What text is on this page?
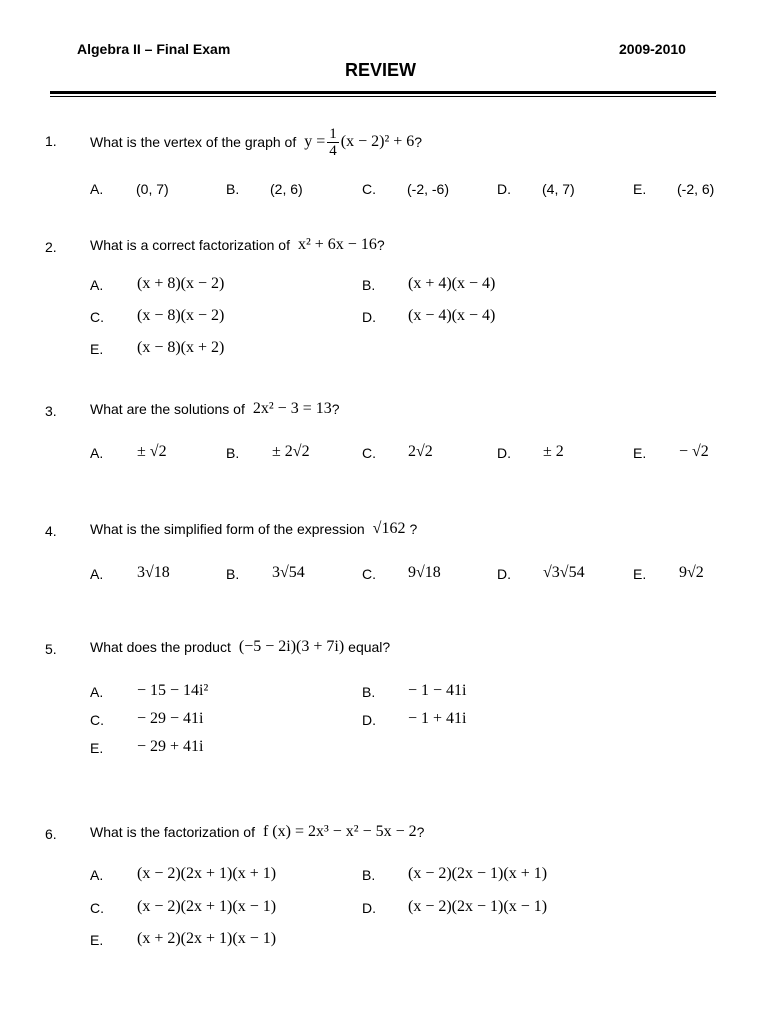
Algebra II – Final Exam	2009-2010
REVIEW
1. What is the vertex of the graph of $y = \frac{1}{4} (x - 2)^2 + 6$ ?
A. (0, 7)	B. (2, 6)	C. (-2, -6)	D. (4, 7)	E. (-2, 6)
2. What is a correct factorization of x² + 6x − 16 ?
A. (x + 8)(x − 2)	B. (x + 4)(x − 4)
C. (x − 8)(x − 2)	D. (x − 4)(x − 4)
E. (x − 8)(x + 2)
3. What are the solutions of 2x² − 3 = 13 ?
A. ± √2	B. ± 2√2	C. 2√2	D. ± 2	E. − √2
4. What is the simplified form of the expression √162 ?
A. 3√18	B. 3√54	C. 9√18	D. √3√54	E. 9√2
5. What does the product (−5 − 2i)(3 + 7i) equal?
A. − 15 − 14i²	B. − 1 − 41i
C. − 29 − 41i	D. − 1 + 41i
E. − 29 + 41i
6. What is the factorization of f (x) = 2x³ − x² − 5x − 2 ?
A. (x − 2)(2x + 1)(x + 1)	B. (x − 2)(2x − 1)(x + 1)
C. (x − 2)(2x + 1)(x − 1)	D. (x − 2)(2x − 1)(x − 1)
E. (x + 2)(2x + 1)(x − 1)
